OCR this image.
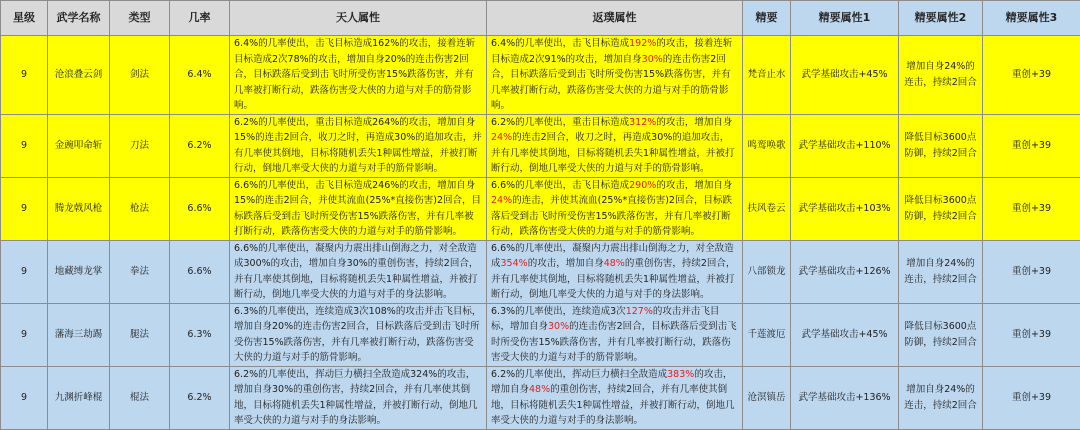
星级	武学名称	类型	几率	天人属性	返璞属性	精要	精要属性1	精要属性2	精要属性3
9	沧浪叠云剑	剑法	6.4%	6.4%的几率使出，击飞目标造成162%的攻击，接着连斩目标造成2次78%的攻击，增加自身20%的连击伤害2回合，目标跌落后受到击飞时所受伤害15%跌落伤害，并有几率被打断行动，跌落伤害受大侠的力道与对手的筋骨影响。	6.4%的几率使出，击飞目标造成192%的攻击，接着连斩目标造成2次91%的攻击，增加自身30%的连击伤害2回合，目标跌落后受到击飞时所受伤害15%跌落伤害，并有几率被打断行动，跌落伤害受大侠的力道与对手的筋骨影响。	梵音止水	武学基础攻击+45%	增加自身24%的连击，持续2回合	重创+39
9	金豌叩命斩	刀法	6.2%	6.2%的几率使出，重击目标造成264%的攻击，增加自身15%的连击2回合，收刀之时，再造成30%的追加攻击，并有几率使其倒地，目标将随机丢失1种属性增益，并被打断行动，倒地几率受大侠的力道与对手的筋骨影响。	6.2%的几率使出，重击目标造成312%的攻击，增加自身24%的连击2回合，收刀之时，再造成30%的追加攻击，并有几率使其倒地，目标将随机丢失1种属性增益，并被打断行动，倒地几率受大侠的力道与对手的筋骨影响。	鸣鸾唤歌	武学基础攻击+110%	降低目标3600点防御，持续2回合	重创+39
9	腾龙戟风枪	枪法	6.6%	6.6%的几率使出，击飞目标造成246%的攻击，增加自身15%的连击2回合，并使其流血(25%*直接伤害)2回合，目标跌落后受到击飞时所受伤害15%跌落伤害，并有几率被打断行动，跌落伤害受大侠的力道与对手的筋骨影响。	6.6%的几率使出，击飞目标造成290%的攻击，增加自身24%的连击，并使其流血(25%*直接伤害)2回合，目标跌落后受到击飞时所受伤害15%跌落伤害，并有几率被打断行动，跌落伤害受大侠的力道与对手的筋骨影响。	扶风卷云	武学基础攻击+103%	降低目标3600点防御，持续2回合	重创+39
9	地藏缚龙掌	拳法	6.6%	6.6%的几率使出，凝聚内力震出排山倒海之力，对全敌造成300%的攻击，增加自身30%的重创伤害，持续2回合，并有几率使其倒地，目标将随机丢失1种属性增益，并被打断行动，倒地几率受大侠的力道与对手的身法影响。	6.6%的几率使出，凝聚内力震出排山倒海之力，对全敌造成354%的攻击，增加自身48%的重创伤害，持续2回合，并有几率使其倒地，目标将随机丢失1种属性增益，并被打断行动，倒地几率受大侠的力道与对手的身法影响。	八部锁龙	武学基础攻击+126%	增加自身24%的连击，持续2回合	重创+39
9	藩海三劫踢	腿法	6.3%	6.3%的几率使出，连续造成3次108%的攻击并击飞目标，增加自身20%的连击伤害2回合，目标跌落后受到击飞时所受伤害15%跌落伤害，并有几率被打断行动，跌落伤害受大侠的力道与对手的筋骨影响。	6.3%的几率使出，连续造成3次127%的攻击并击飞目标，增加自身30%的连击伤害2回合，目标跌落后受到击飞时所受伤害15%跌落伤害，并有几率被打断行动，跌落伤害受大侠的力道与对手的筋骨影响。	千莲渡厄	武学基础攻击+45%	降低目标3600点防御，持续2回合	重创+39
9	九渊折峰棍	棍法	6.2%	6.2%的几率使出，挥动巨力横扫全敌造成324%的攻击，增加自身30%的重创伤害，持续2回合，并有几率使其倒地，目标将随机丢失1种属性增益，并被打断行动，倒地几率受大侠的力道与对手的身法影响。	6.2%的几率使出，挥动巨力横扫全敌造成383%的攻击，增加自身48%的重创伤害，持续2回合，并有几率使其倒地，目标将随机丢失1种属性增益，并被打断行动，倒地几率受大侠的力道与对手的身法影响。	沧溟镇岳	武学基础攻击+136%	增加自身24%的连击，持续2回合	重创+39
